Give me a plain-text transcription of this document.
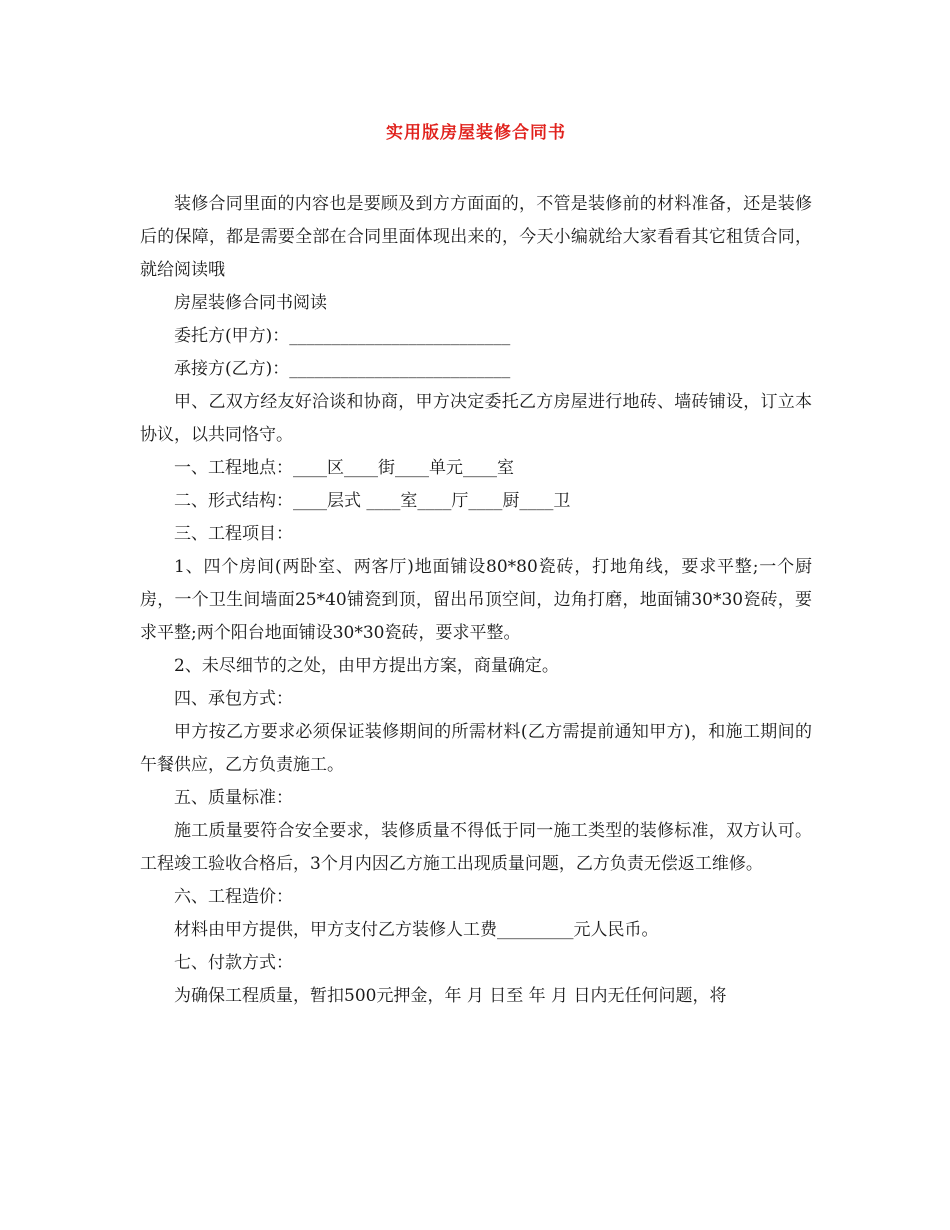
实用版房屋装修合同书

装修合同里面的内容也是要顾及到方方面面的，不管是装修前的材料准备，还是装修后的保障，都是需要全部在合同里面体现出来的，今天小编就给大家看看其它租赁合同，就给阅读哦

房屋装修合同书阅读

委托方(甲方)：__________________________

承接方(乙方)：__________________________

甲、乙双方经友好洽谈和协商，甲方决定委托乙方房屋进行地砖、墙砖铺设，订立本协议，以共同恪守。

一、工程地点：____区____街____单元____室

二、形式结构：____层式 ____室____厅____厨____卫

三、工程项目：

1、四个房间(两卧室、两客厅)地面铺设80*80瓷砖，打地角线，要求平整;一个厨房，一个卫生间墙面25*40铺瓷到顶，留出吊顶空间，边角打磨，地面铺30*30瓷砖，要求平整;两个阳台地面铺设30*30瓷砖，要求平整。

2、未尽细节的之处，由甲方提出方案，商量确定。

四、承包方式：

甲方按乙方要求必须保证装修期间的所需材料(乙方需提前通知甲方)，和施工期间的午餐供应，乙方负责施工。

五、质量标准：

施工质量要符合安全要求，装修质量不得低于同一施工类型的装修标准，双方认可。工程竣工验收合格后，3个月内因乙方施工出现质量问题，乙方负责无偿返工维修。

六、工程造价：

材料由甲方提供，甲方支付乙方装修人工费_________元人民币。

七、付款方式：

为确保工程质量，暂扣500元押金，年 月 日至 年 月 日内无任何问题，将
